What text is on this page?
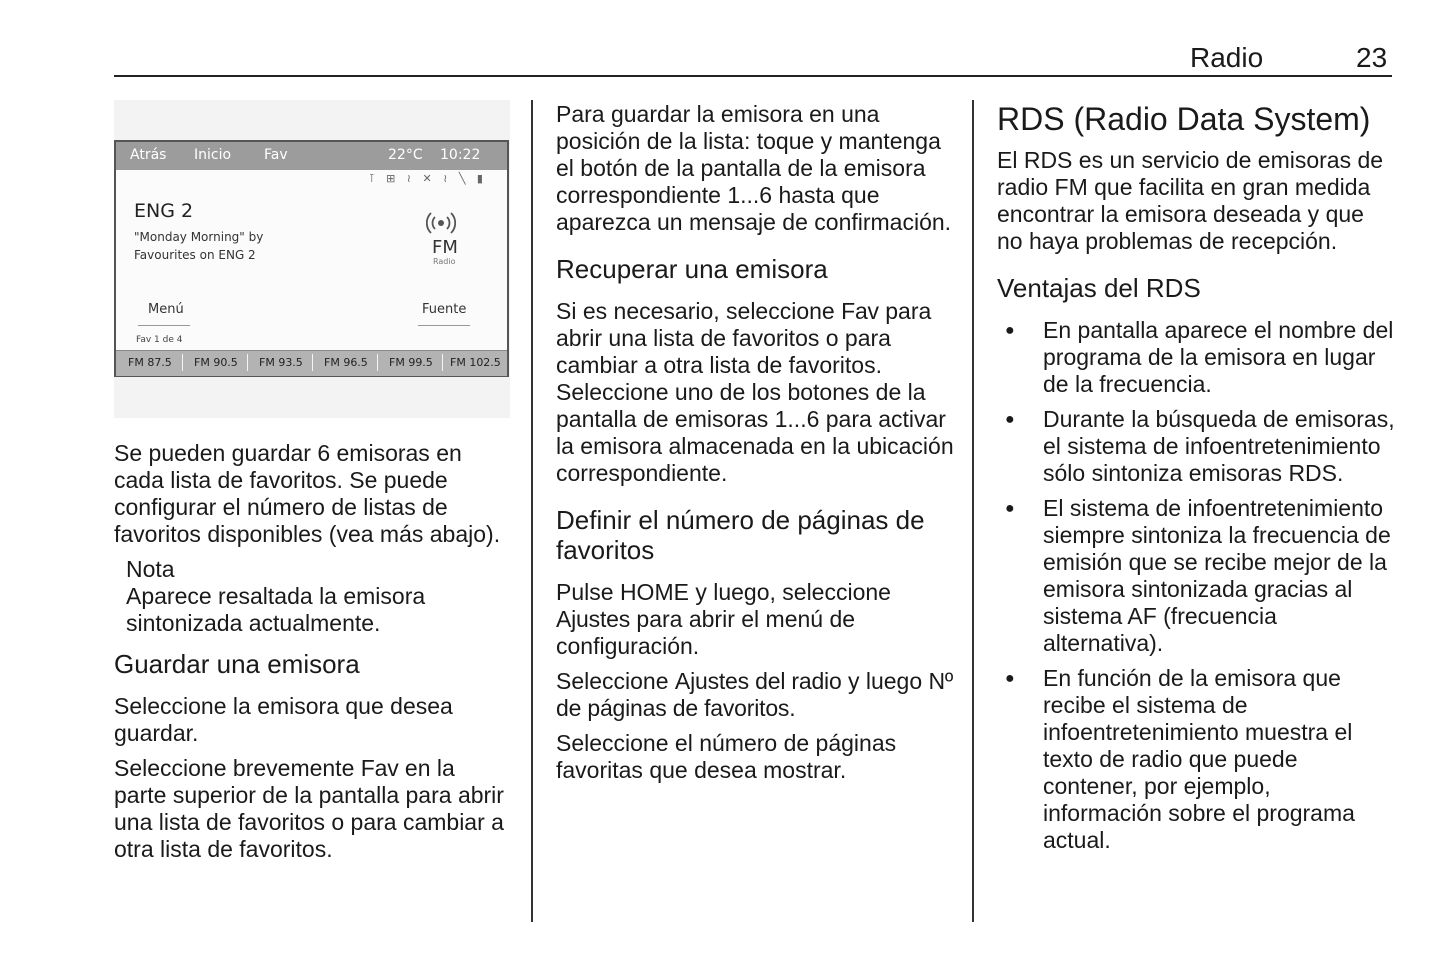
Radio	23
Atrás Inicio Fav	22°C 10:22
⊺ ⊞ ≀ ✕ ≀ ╲ ▮
ENG 2
"Monday Morning" by
Favourites on ENG 2	FM
Radio
Menú	Fuente
Fav 1 de 4
FM 87.5 FM 90.5 FM 93.5 FM 96.5 FM 99.5 FM 102.5

Se pueden guardar 6 emisoras en cada lista de favoritos. Se puede configurar el número de listas de favoritos disponibles (vea más abajo).

Nota
Aparece resaltada la emisora sintonizada actualmente.
Guardar una emisora

Seleccione la emisora que desea guardar.

Seleccione brevemente Fav en la parte superior de la pantalla para abrir una lista de favoritos o para cambiar a otra lista de favoritos.

Para guardar la emisora en una posición de la lista: toque y mantenga el botón de la pantalla de la emisora correspondiente 1...6 hasta que aparezca un mensaje de confirmación.

Recuperar una emisora

Si es necesario, seleccione Fav para abrir una lista de favoritos o para cambiar a otra lista de favoritos. Seleccione uno de los botones de la pantalla de emisoras 1...6 para activar la emisora almacenada en la ubicación correspondiente.

Definir el número de páginas de favoritos

Pulse HOME y luego, seleccione Ajustes para abrir el menú de configuración.

Seleccione Ajustes del radio y luego Nº de páginas de favoritos.

Seleccione el número de páginas favoritas que desea mostrar.

RDS (Radio Data System)

El RDS es un servicio de emisoras de radio FM que facilita en gran medida encontrar la emisora deseada y que no haya problemas de recepción.

Ventajas del RDS
● En pantalla aparece el nombre del programa de la emisora en lugar de la frecuencia.
● Durante la búsqueda de emisoras, el sistema de infoentretenimiento sólo sintoniza emisoras RDS.
● El sistema de infoentretenimiento siempre sintoniza la frecuencia de emisión que se recibe mejor de la emisora sintonizada gracias al sistema AF (frecuencia alternativa).
● En función de la emisora que recibe el sistema de infoentretenimiento muestra el texto de radio que puede contener, por ejemplo, información sobre el programa actual.
